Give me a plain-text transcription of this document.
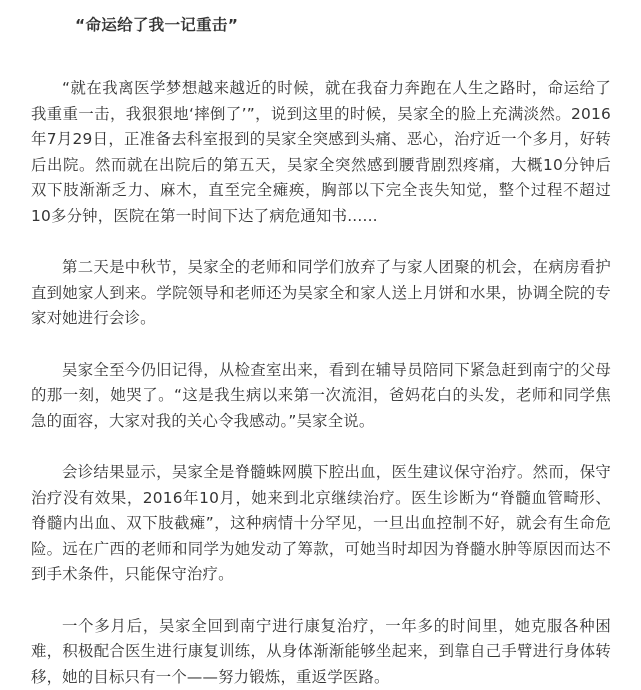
“命运给了我一记重击”

“就在我离医学梦想越来越近的时候，就在我奋力奔跑在人生之路时，命运给了我重重一击，我狠狠地‘摔倒了’”，说到这里的时候，吴家全的脸上充满淡然。2016年7月29日，正准备去科室报到的吴家全突感到头痛、恶心，治疗近一个多月，好转后出院。然而就在出院后的第五天，吴家全突然感到腰背剧烈疼痛，大概10分钟后双下肢渐渐乏力、麻木，直至完全瘫痪，胸部以下完全丧失知觉，整个过程不超过10多分钟，医院在第一时间下达了病危通知书......

第二天是中秋节，吴家全的老师和同学们放弃了与家人团聚的机会，在病房看护直到她家人到来。学院领导和老师还为吴家全和家人送上月饼和水果，协调全院的专家对她进行会诊。

吴家全至今仍旧记得，从检查室出来，看到在辅导员陪同下紧急赶到南宁的父母的那一刻，她哭了。“这是我生病以来第一次流泪，爸妈花白的头发，老师和同学焦急的面容，大家对我的关心令我感动。”吴家全说。

会诊结果显示，吴家全是脊髓蛛网膜下腔出血，医生建议保守治疗。然而，保守治疗没有效果，2016年10月，她来到北京继续治疗。医生诊断为“脊髓血管畸形、脊髓内出血、双下肢截瘫”，这种病情十分罕见，一旦出血控制不好，就会有生命危险。远在广西的老师和同学为她发动了筹款，可她当时却因为脊髓水肿等原因而达不到手术条件，只能保守治疗。

一个多月后，吴家全回到南宁进行康复治疗，一年多的时间里，她克服各种困难，积极配合医生进行康复训练，从身体渐渐能够坐起来，到靠自己手臂进行身体转移，她的目标只有一个——努力锻炼，重返学医路。
